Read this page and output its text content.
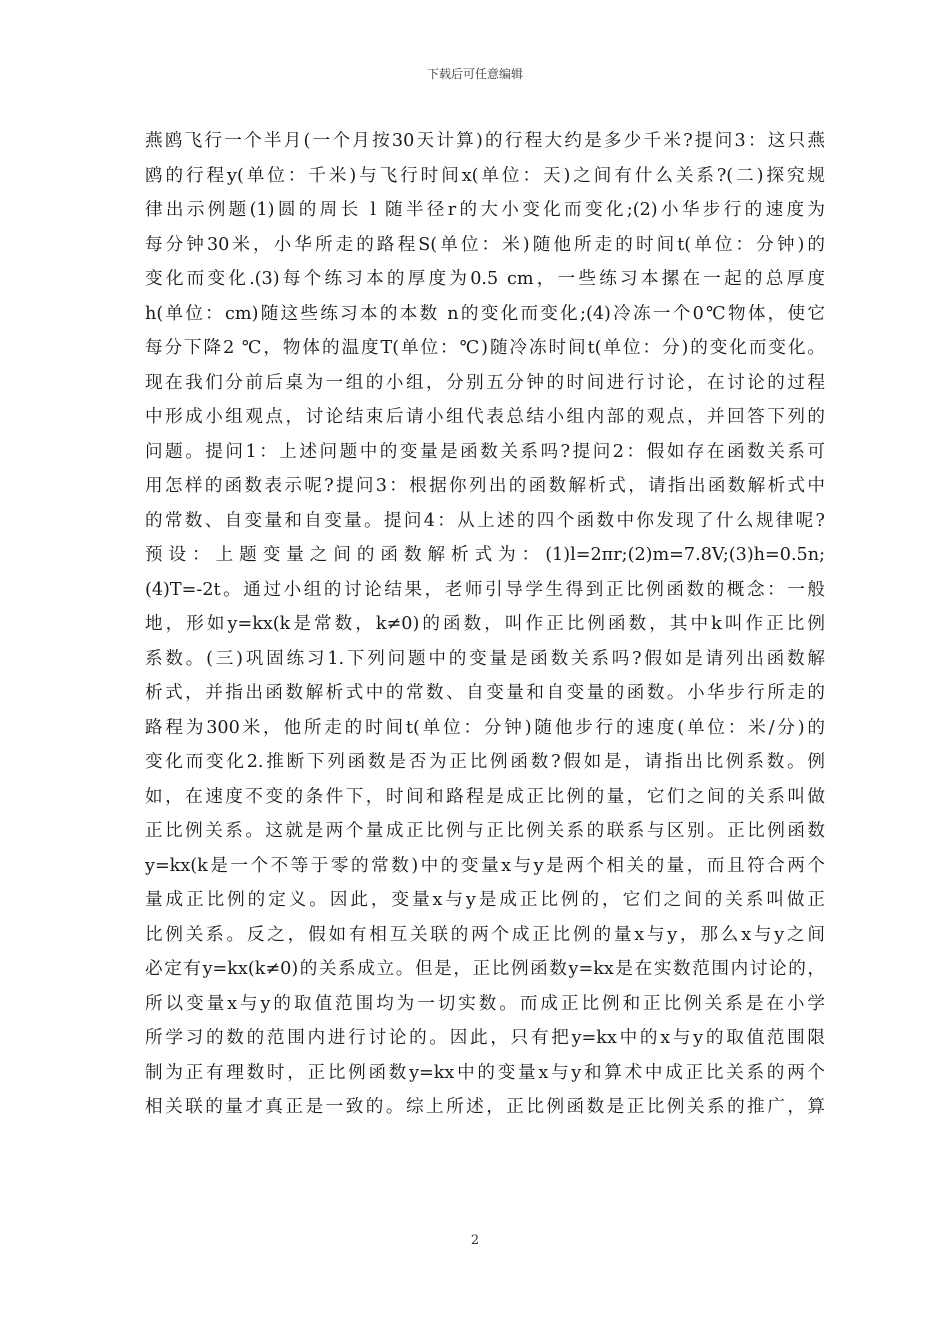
下载后可任意编辑
燕鸥飞行一个半月(一个月按30天计算)的行程大约是多少千米?提问3：这只燕
鸥的行程y(单位：千米)与飞行时间x(单位：天)之间有什么关系?(二)探究规
律出示例题(1)圆的周长 l 随半径r的大小变化而变化;(2)小华步行的速度为
每分钟30米，小华所走的路程S(单位：米)随他所走的时间t(单位：分钟)的
变化而变化.(3)每个练习本的厚度为0.5 cm，一些练习本摞在一起的总厚度
h(单位：cm)随这些练习本的本数 n的变化而变化;(4)冷冻一个0℃物体，使它
每分下降2 ℃，物体的温度T(单位：℃)随冷冻时间t(单位：分)的变化而变化。
现在我们分前后桌为一组的小组，分别五分钟的时间进行讨论，在讨论的过程
中形成小组观点，讨论结束后请小组代表总结小组内部的观点，并回答下列的
问题。提问1：上述问题中的变量是函数关系吗?提问2：假如存在函数关系可
用怎样的函数表示呢?提问3：根据你列出的函数解析式，请指出函数解析式中
的常数、自变量和自变量。提问4：从上述的四个函数中你发现了什么规律呢?
预设：上题变量之间的函数解析式为：(1)l=2πr;(2)m=7.8V;(3)h=0.5n;
(4)T=-2t。通过小组的讨论结果，老师引导学生得到正比例函数的概念：一般
地，形如y=kx(k是常数，k≠0)的函数，叫作正比例函数，其中k叫作正比例
系数。(三)巩固练习1.下列问题中的变量是函数关系吗?假如是请列出函数解
析式，并指出函数解析式中的常数、自变量和自变量的函数。小华步行所走的
路程为300米，他所走的时间t(单位：分钟)随他步行的速度(单位：米/分)的
变化而变化2.推断下列函数是否为正比例函数?假如是，请指出比例系数。例
如，在速度不变的条件下，时间和路程是成正比例的量，它们之间的关系叫做
正比例关系。这就是两个量成正比例与正比例关系的联系与区别。正比例函数
y=kx(k是一个不等于零的常数)中的变量x与y是两个相关的量，而且符合两个
量成正比例的定义。因此，变量x与y是成正比例的，它们之间的关系叫做正
比例关系。反之，假如有相互关联的两个成正比例的量x与y，那么x与y之间
必定有y=kx(k≠0)的关系成立。但是，正比例函数y=kx是在实数范围内讨论的，
所以变量x与y的取值范围均为一切实数。而成正比例和正比例关系是在小学
所学习的数的范围内进行讨论的。因此，只有把y=kx中的x与y的取值范围限
制为正有理数时，正比例函数y=kx中的变量x与y和算术中成正比关系的两个
相关联的量才真正是一致的。综上所述，正比例函数是正比例关系的推广，算
2
